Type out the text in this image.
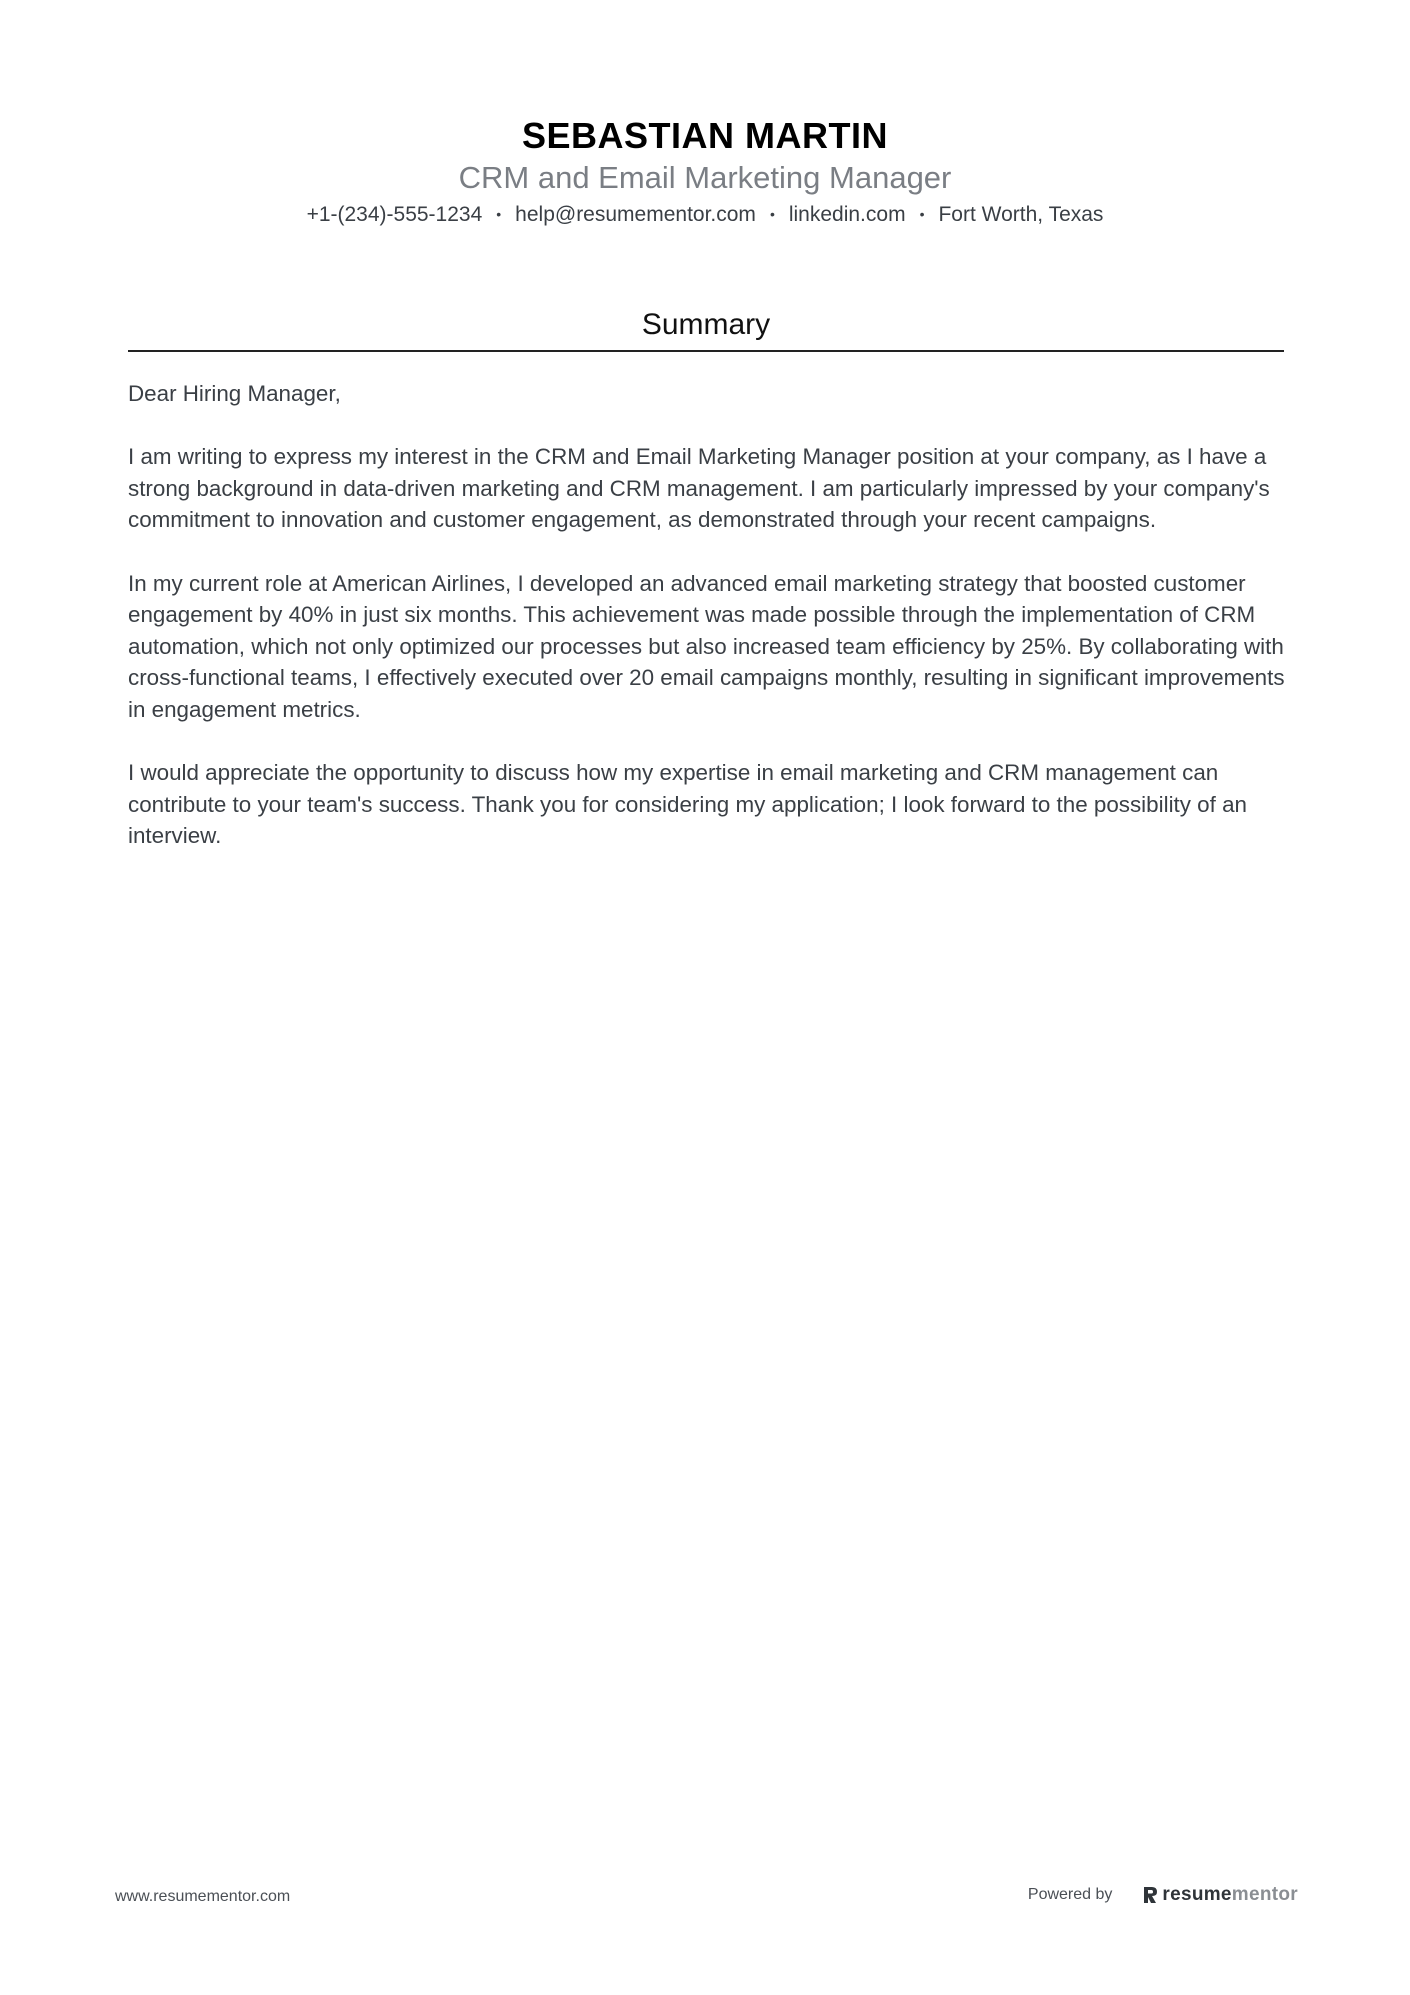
SEBASTIAN MARTIN
CRM and Email Marketing Manager
+1-(234)-555-1234 • help@resumementor.com • linkedin.com • Fort Worth, Texas
Summary

Dear Hiring Manager,

I am writing to express my interest in the CRM and Email Marketing Manager position at your company, as I have a strong background in data-driven marketing and CRM management. I am particularly impressed by your company's commitment to innovation and customer engagement, as demonstrated through your recent campaigns.

In my current role at American Airlines, I developed an advanced email marketing strategy that boosted customer engagement by 40% in just six months. This achievement was made possible through the implementation of CRM automation, which not only optimized our processes but also increased team efficiency by 25%. By collaborating with cross-functional teams, I effectively executed over 20 email campaigns monthly, resulting in significant improvements in engagement metrics.

I would appreciate the opportunity to discuss how my expertise in email marketing and CRM management can contribute to your team's success. Thank you for considering my application; I look forward to the possibility of an interview.

www.resumementor.com	Powered by	resume mentor
